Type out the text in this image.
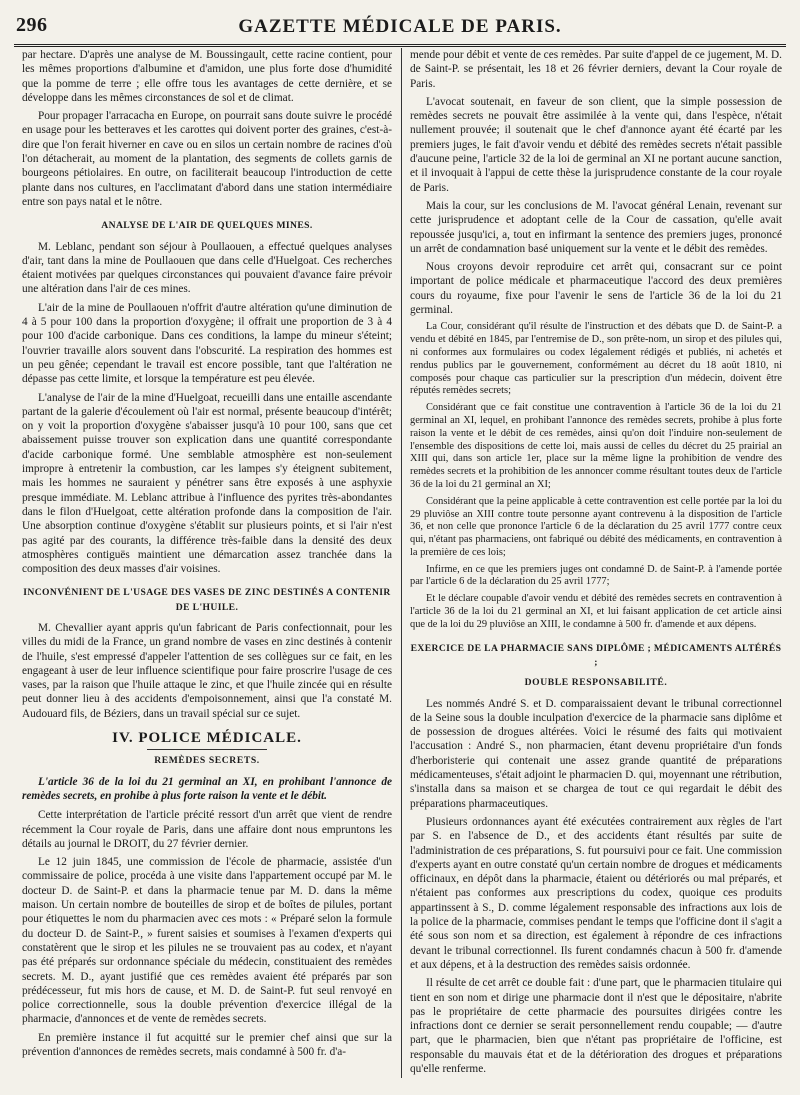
296	GAZETTE MÉDICALE DE PARIS.

par hectare. D'après une analyse de M. Boussingault, cette racine contient, pour les mêmes proportions d'albumine et d'amidon, une plus forte dose d'humidité que la pomme de terre ; elle offre tous les avantages de cette dernière, et se développe dans les mêmes circonstances de sol et de climat.

Pour propager l'arracacha en Europe, on pourrait sans doute suivre le procédé en usage pour les betteraves et les carottes qui doivent porter des graines, c'est-à-dire que l'on ferait hiverner en cave ou en silos un certain nombre de racines d'où l'on détacherait, au moment de la plantation, des segments de collets garnis de bourgeons pétiolaires. En outre, on faciliterait beaucoup l'introduction de cette plante dans nos cultures, en l'acclimatant d'abord dans une station intermédiaire entre son pays natal et le nôtre.

ANALYSE DE L'AIR DE QUELQUES MINES.

M. Leblanc, pendant son séjour à Poullaouen, a effectué quelques analyses d'air, tant dans la mine de Poullaouen que dans celle d'Huelgoat. Ces recherches étaient motivées par quelques circonstances qui pouvaient d'avance faire prévoir une altération dans l'air de ces mines.

L'air de la mine de Poullaouen n'offrit d'autre altération qu'une diminution de 4 à 5 pour 100 dans la proportion d'oxygène; il offrait une proportion de 3 à 4 pour 100 d'acide carbonique. Dans ces conditions, la lampe du mineur s'éteint; l'ouvrier travaille alors souvent dans l'obscurité. La respiration des hommes est un peu gênée; cependant le travail est encore possible, tant que l'altération ne dépasse pas cette limite, et lorsque la température est peu élevée.

L'analyse de l'air de la mine d'Huelgoat, recueilli dans une entaille ascendante partant de la galerie d'écoulement où l'air est normal, présente beaucoup d'intérêt; on y voit la proportion d'oxygène s'abaisser jusqu'à 10 pour 100, sans que cet abaissement puisse trouver son explication dans une quantité correspondante d'acide carbonique formé. Une semblable atmosphère est non-seulement impropre à entretenir la combustion, car les lampes s'y éteignent subitement, mais les hommes ne sauraient y pénétrer sans être exposés à une asphyxie presque immédiate. M. Leblanc attribue à l'influence des pyrites très-abondantes dans le filon d'Huelgoat, cette altération profonde dans la composition de l'air. Une absorption continue d'oxygène s'établit sur plusieurs points, et si l'air n'est pas agité par des courants, la différence très-faible dans la densité des deux atmosphères contiguës maintient une démarcation assez tranchée dans la composition des deux masses d'air voisines.

INCONVÉNIENT DE L'USAGE DES VASES DE ZINC DESTINÉS A CONTENIR DE L'HUILE.

M. Chevallier ayant appris qu'un fabricant de Paris confectionnait, pour les villes du midi de la France, un grand nombre de vases en zinc destinés à contenir de l'huile, s'est empressé d'appeler l'attention de ses collègues sur ce fait, en les engageant à user de leur influence scientifique pour faire proscrire l'usage de ces vases, par la raison que l'huile attaque le zinc, et que l'huile zincée qui en résulte peut donner lieu à des accidents d'empoisonnement, ainsi que l'a constaté M. Audouard fils, de Béziers, dans un travail spécial sur ce sujet.

IV. POLICE MÉDICALE.
REMÈDES SECRETS.

L'article 36 de la loi du 21 germinal an XI, en prohibant l'annonce de remèdes secrets, en prohibe à plus forte raison la vente et le débit.

Cette interprétation de l'article précité ressort d'un arrêt que vient de rendre récemment la Cour royale de Paris, dans une affaire dont nous empruntons les détails au journal le DROIT, du 27 février dernier.

Le 12 juin 1845, une commission de l'école de pharmacie, assistée d'un commissaire de police, procéda à une visite dans l'appartement occupé par M. le docteur D. de Saint-P. et dans la pharmacie tenue par M. D. dans la même maison. Un certain nombre de bouteilles de sirop et de boîtes de pilules, portant pour étiquettes le nom du pharmacien avec ces mots : « Préparé selon la formule du docteur D. de Saint-P., » furent saisies et soumises à l'examen d'experts qui constatèrent que le sirop et les pilules ne se trouvaient pas au codex, et n'ayant pas été préparés sur ordonnance spéciale du médecin, constituaient des remèdes secrets. M. D., ayant justifié que ces remèdes avaient été préparés par son prédécesseur, fut mis hors de cause, et M. D. de Saint-P. fut seul renvoyé en police correctionnelle, sous la double prévention d'exercice illégal de la pharmacie, d'annonces et de vente de remèdes secrets.

En première instance il fut acquitté sur le premier chef ainsi que sur la prévention d'annonces de remèdes secrets, mais condamné à 500 fr. d'a-

mende pour débit et vente de ces remèdes. Par suite d'appel de ce jugement, M. D. de Saint-P. se présentait, les 18 et 26 février derniers, devant la Cour royale de Paris.

L'avocat soutenait, en faveur de son client, que la simple possession de remèdes secrets ne pouvait être assimilée à la vente qui, dans l'espèce, n'était nullement prouvée; il soutenait que le chef d'annonce ayant été écarté par les premiers juges, le fait d'avoir vendu et débité des remèdes secrets n'était passible d'aucune peine, l'article 32 de la loi de germinal an XI ne portant aucune sanction, et il invoquait à l'appui de cette thèse la jurisprudence constante de la cour royale de Paris.

Mais la cour, sur les conclusions de M. l'avocat général Lenain, revenant sur cette jurisprudence et adoptant celle de la Cour de cassation, qu'elle avait repoussée jusqu'ici, a, tout en infirmant la sentence des premiers juges, prononcé un arrêt de condamnation basé uniquement sur la vente et le débit des remèdes.

Nous croyons devoir reproduire cet arrêt qui, consacrant sur ce point important de police médicale et pharmaceutique l'accord des deux premières cours du royaume, fixe pour l'avenir le sens de l'article 36 de la loi du 21 germinal.

La Cour, considérant qu'il résulte de l'instruction et des débats que D. de Saint-P. a vendu et débité en 1845, par l'entremise de D., son prête-nom, un sirop et des pilules qui, ni conformes aux formulaires ou codex légalement rédigés et publiés, ni achetés et rendus publics par le gouvernement, conformément au décret du 18 août 1810, ni composés pour chaque cas particulier sur la prescription d'un médecin, doivent être réputés remèdes secrets;

Considérant que ce fait constitue une contravention à l'article 36 de la loi du 21 germinal an XI, lequel, en prohibant l'annonce des remèdes secrets, prohibe à plus forte raison la vente et le débit de ces remèdes, ainsi qu'on doit l'induire non-seulement de l'ensemble des dispositions de cette loi, mais aussi de celles du décret du 25 prairial an XIII qui, dans son article 1er, place sur la même ligne la prohibition de vendre des remèdes secrets et la prohibition de les annoncer comme résultant toutes deux de l'article 36 de la loi du 21 germinal an XI;

Considérant que la peine applicable à cette contravention est celle portée par la loi du 29 pluviôse an XIII contre toute personne ayant contrevenu à la disposition de l'article 36, et non celle que prononce l'article 6 de la déclaration du 25 avril 1777 contre ceux qui, n'étant pas pharmaciens, ont fabriqué ou débité des médicaments, en contravention à la première de ces lois;

Infirme, en ce que les premiers juges ont condamné D. de Saint-P. à l'amende portée par l'article 6 de la déclaration du 25 avril 1777;

Et le déclare coupable d'avoir vendu et débité des remèdes secrets en contravention à l'article 36 de la loi du 21 germinal an XI, et lui faisant application de cet article ainsi que de la loi du 29 pluviôse an XIII, le condamne à 500 fr. d'amende et aux dépens.

EXERCICE DE LA PHARMACIE SANS DIPLÔME ; MÉDICAMENTS ALTÉRÉS ;
DOUBLE RESPONSABILITÉ.

Les nommés André S. et D. comparaissaient devant le tribunal correctionnel de la Seine sous la double inculpation d'exercice de la pharmacie sans diplôme et de possession de drogues altérées. Voici le résumé des faits qui motivaient l'accusation : André S., non pharmacien, étant devenu propriétaire d'un fonds d'herboristerie qui contenait une assez grande quantité de préparations médicamenteuses, s'était adjoint le pharmacien D. qui, moyennant une rétribution, s'installa dans sa maison et se chargea de tout ce qui regardait le débit des préparations pharmaceutiques.

Plusieurs ordonnances ayant été exécutées contrairement aux règles de l'art par S. en l'absence de D., et des accidents étant résultés par suite de l'administration de ces préparations, S. fut poursuivi pour ce fait. Une commission d'experts ayant en outre constaté qu'un certain nombre de drogues et médicaments officinaux, en dépôt dans la pharmacie, étaient ou détériorés ou mal préparés, et n'étaient pas conformes aux prescriptions du codex, quoique ces produits appartinssent à S., D. comme légalement responsable des infractions aux lois de la police de la pharmacie, commises pendant le temps que l'officine dont il s'agit a été sous son nom et sa direction, est également à répondre de ces infractions devant le tribunal correctionnel. Ils furent condamnés chacun à 500 fr. d'amende et aux dépens, et à la destruction des remèdes saisis ordonnée.

Il résulte de cet arrêt ce double fait : d'une part, que le pharmacien titulaire qui tient en son nom et dirige une pharmacie dont il n'est que le dépositaire, n'abrite pas le propriétaire de cette pharmacie des poursuites dirigées contre les infractions dont ce dernier se serait personnellement rendu coupable; — d'autre part, que le pharmacien, bien que n'étant pas propriétaire de l'officine, est responsable du mauvais état et de la détérioration des drogues et préparations qu'elle renferme.
